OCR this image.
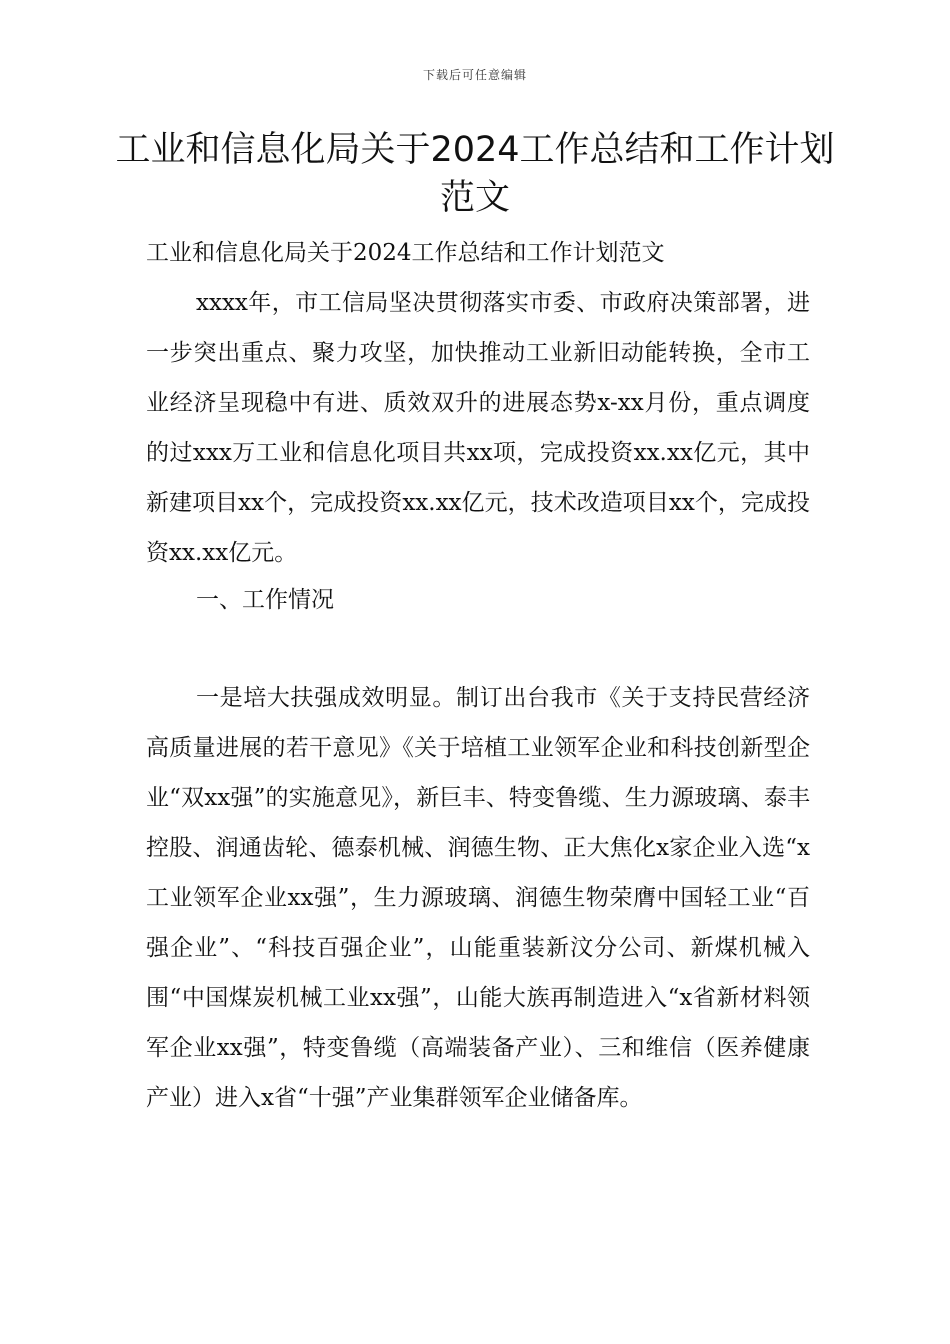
下载后可任意编辑
工业和信息化局关于2024工作总结和工作计划范文

工业和信息化局关于2024工作总结和工作计划范文

xxxx年，市工信局坚决贯彻落实市委、市政府决策部署，进一步突出重点、聚力攻坚，加快推动工业新旧动能转换，全市工业经济呈现稳中有进、质效双升的进展态势x-xx月份，重点调度的过xxx万工业和信息化项目共xx项，完成投资xx.xx亿元，其中新建项目xx个，完成投资xx.xx亿元，技术改造项目xx个，完成投资xx.xx亿元。

一、工作情况

一是培大扶强成效明显。制订出台我市《关于支持民营经济高质量进展的若干意见》《关于培植工业领军企业和科技创新型企业“双xx强”的实施意见》，新巨丰、特变鲁缆、生力源玻璃、泰丰控股、润通齿轮、德泰机械、润德生物、正大焦化x家企业入选“x工业领军企业xx强”，生力源玻璃、润德生物荣膺中国轻工业“百强企业”、“科技百强企业”，山能重装新汶分公司、新煤机械入围“中国煤炭机械工业xx强”，山能大族再制造进入“x省新材料领军企业xx强”，特变鲁缆（高端装备产业）、三和维信（医养健康产业）进入x省“十强”产业集群领军企业储备库。
